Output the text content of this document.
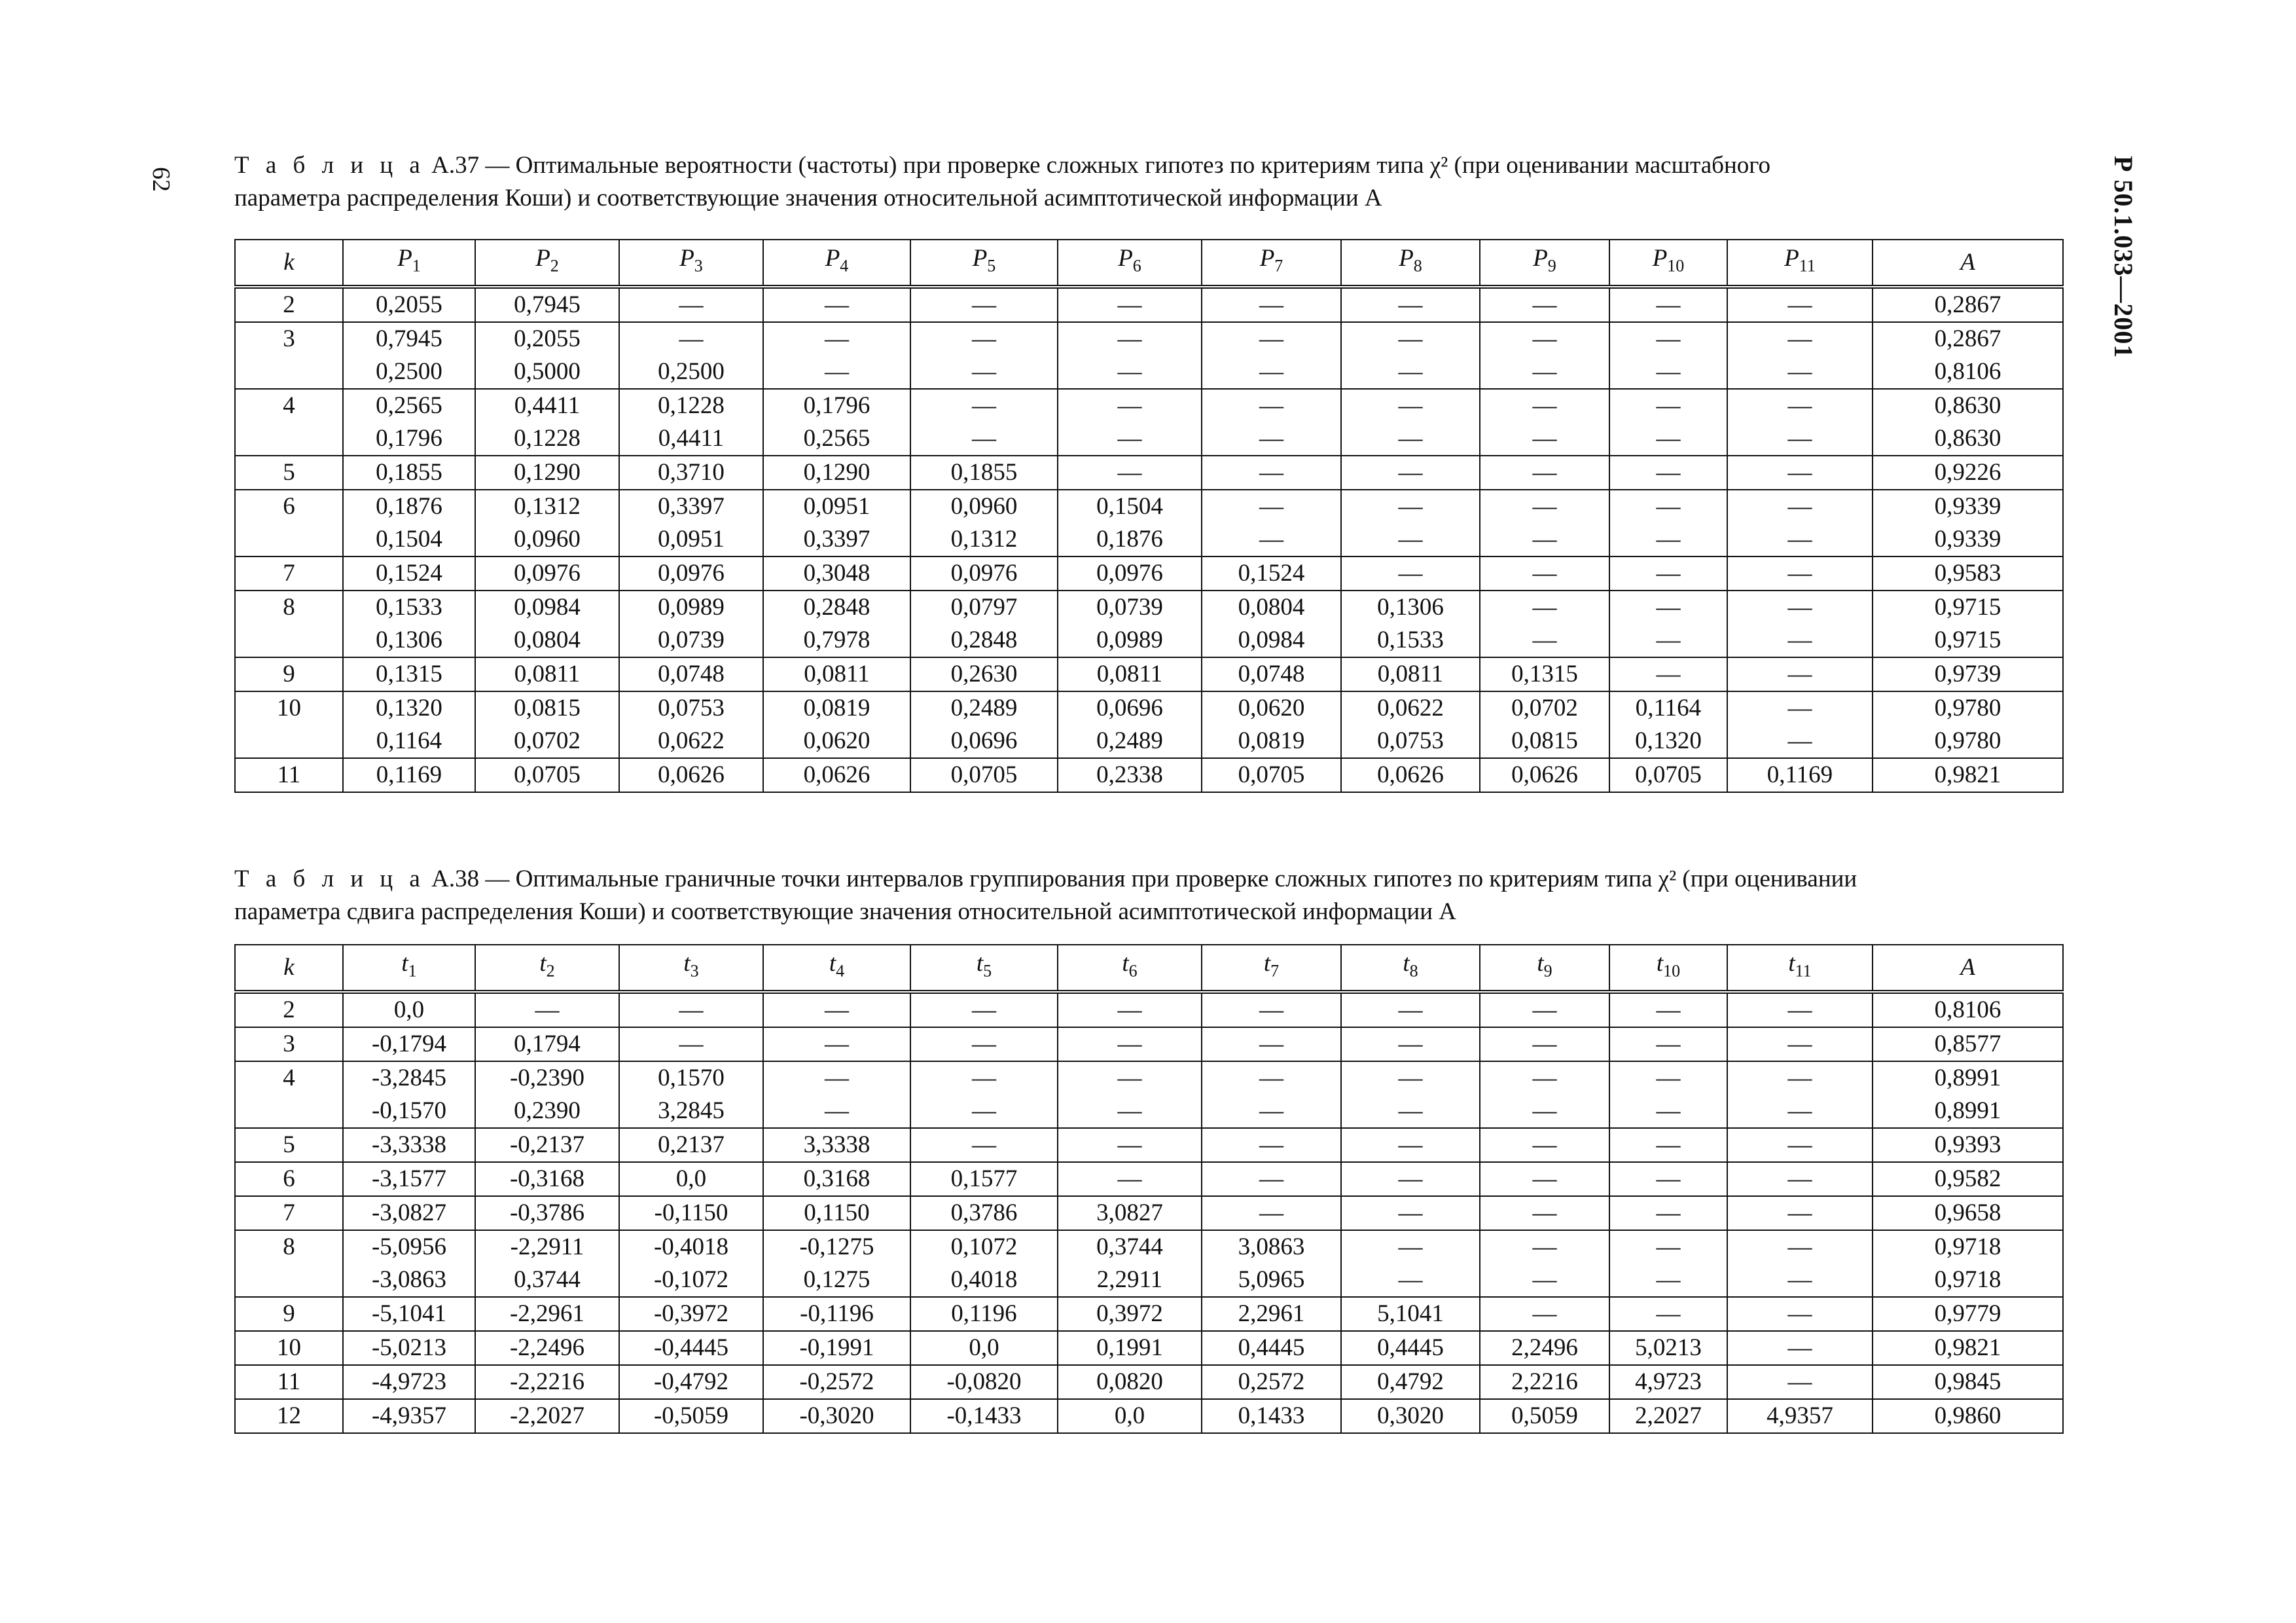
62	Р 50.1.033—2001
Т а б л и ц а А.37 — Оптимальные вероятности (частоты) при проверке сложных гипотез по критериям типа χ² (при оценивании масштабного
параметра распределения Коши) и соответствующие значения относительной асимптотической информации A
k	$P_1$	$P_2$	$P_3$	$P_4$	$P_5$	$P_6$	$P_7$	$P_8$	$P_9$	$P_{10}$	$P_{11}$	A
2	0,2055	0,7945	—	—	—	—	—	—	—	—	—	0,2867
3	0,7945	0,2055	—	—	—	—	—	—	—	—	—	0,2867
	0,2500	0,5000	0,2500	—	—	—	—	—	—	—	—	0,8106
4	0,2565	0,4411	0,1228	0,1796	—	—	—	—	—	—	—	0,8630
	0,1796	0,1228	0,4411	0,2565	—	—	—	—	—	—	—	0,8630
5	0,1855	0,1290	0,3710	0,1290	0,1855	—	—	—	—	—	—	0,9226
6	0,1876	0,1312	0,3397	0,0951	0,0960	0,1504	—	—	—	—	—	0,9339
	0,1504	0,0960	0,0951	0,3397	0,1312	0,1876	—	—	—	—	—	0,9339
7	0,1524	0,0976	0,0976	0,3048	0,0976	0,0976	0,1524	—	—	—	—	0,9583
8	0,1533	0,0984	0,0989	0,2848	0,0797	0,0739	0,0804	0,1306	—	—	—	0,9715
	0,1306	0,0804	0,0739	0,7978	0,2848	0,0989	0,0984	0,1533	—	—	—	0,9715
9	0,1315	0,0811	0,0748	0,0811	0,2630	0,0811	0,0748	0,0811	0,1315	—	—	0,9739
10	0,1320	0,0815	0,0753	0,0819	0,2489	0,0696	0,0620	0,0622	0,0702	0,1164	—	0,9780
	0,1164	0,0702	0,0622	0,0620	0,0696	0,2489	0,0819	0,0753	0,0815	0,1320	—	0,9780
11	0,1169	0,0705	0,0626	0,0626	0,0705	0,2338	0,0705	0,0626	0,0626	0,0705	0,1169	0,9821
Т а б л и ц а А.38 — Оптимальные граничные точки интервалов группирования при проверке сложных гипотез по критериям типа χ² (при оценивании
параметра сдвига распределения Коши) и соответствующие значения относительной асимптотической информации A
k	$t_1$	$t_2$	$t_3$	$t_4$	$t_5$	$t_6$	$t_7$	$t_8$	$t_9$	$t_{10}$	$t_{11}$	A
2	0,0	—	—	—	—	—	—	—	—	—	—	0,8106
3	-0,1794	0,1794	—	—	—	—	—	—	—	—	—	0,8577
4	-3,2845	-0,2390	0,1570	—	—	—	—	—	—	—	—	0,8991
	-0,1570	0,2390	3,2845	—	—	—	—	—	—	—	—	0,8991
5	-3,3338	-0,2137	0,2137	3,3338	—	—	—	—	—	—	—	0,9393
6	-3,1577	-0,3168	0,0	0,3168	0,1577	—	—	—	—	—	—	0,9582
7	-3,0827	-0,3786	-0,1150	0,1150	0,3786	3,0827	—	—	—	—	—	0,9658
8	-5,0956	-2,2911	-0,4018	-0,1275	0,1072	0,3744	3,0863	—	—	—	—	0,9718
	-3,0863	0,3744	-0,1072	0,1275	0,4018	2,2911	5,0965	—	—	—	—	0,9718
9	-5,1041	-2,2961	-0,3972	-0,1196	0,1196	0,3972	2,2961	5,1041	—	—	—	0,9779
10	-5,0213	-2,2496	-0,4445	-0,1991	0,0	0,1991	0,4445	0,4445	2,2496	5,0213	—	0,9821
11	-4,9723	-2,2216	-0,4792	-0,2572	-0,0820	0,0820	0,2572	0,4792	2,2216	4,9723	—	0,9845
12	-4,9357	-2,2027	-0,5059	-0,3020	-0,1433	0,0	0,1433	0,3020	0,5059	2,2027	4,9357	0,9860
